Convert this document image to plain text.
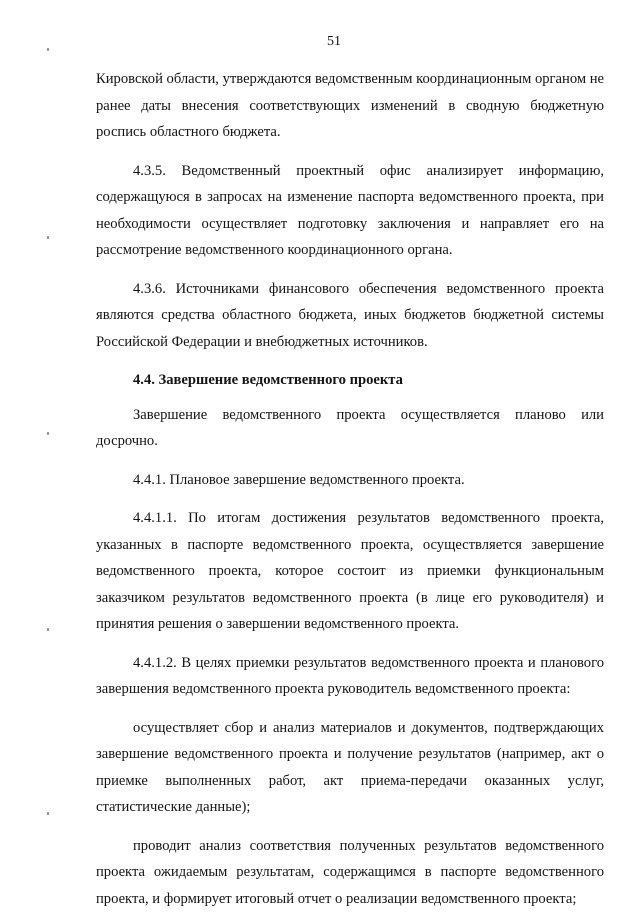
51

Кировской области, утверждаются ведомственным координационным органом не ранее даты внесения соответствующих изменений в сводную бюджетную роспись областного бюджета.

4.3.5. Ведомственный проектный офис анализирует информацию, содержащуюся в запросах на изменение паспорта ведомственного проекта, при необходимости осуществляет подготовку заключения и направляет его на рассмотрение ведомственного координационного органа.

4.3.6. Источниками финансового обеспечения ведомственного проекта являются средства областного бюджета, иных бюджетов бюджетной системы Российской Федерации и внебюджетных источников.

4.4. Завершение ведомственного проекта

Завершение ведомственного проекта осуществляется планово или досрочно.

4.4.1. Плановое завершение ведомственного проекта.

4.4.1.1. По итогам достижения результатов ведомственного проекта, указанных в паспорте ведомственного проекта, осуществляется завершение ведомственного проекта, которое состоит из приемки функциональным заказчиком результатов ведомственного проекта (в лице его руководителя) и принятия решения о завершении ведомственного проекта.

4.4.1.2. В целях приемки результатов ведомственного проекта и планового завершения ведомственного проекта руководитель ведомственного проекта:

осуществляет сбор и анализ материалов и документов, подтверждающих завершение ведомственного проекта и получение результатов (например, акт о приемке выполненных работ, акт приема-передачи оказанных услуг, статистические данные);

проводит анализ соответствия полученных результатов ведомственного проекта ожидаемым результатам, содержащимся в паспорте ведомственного проекта, и формирует итоговый отчет о реализации ведомственного проекта;
